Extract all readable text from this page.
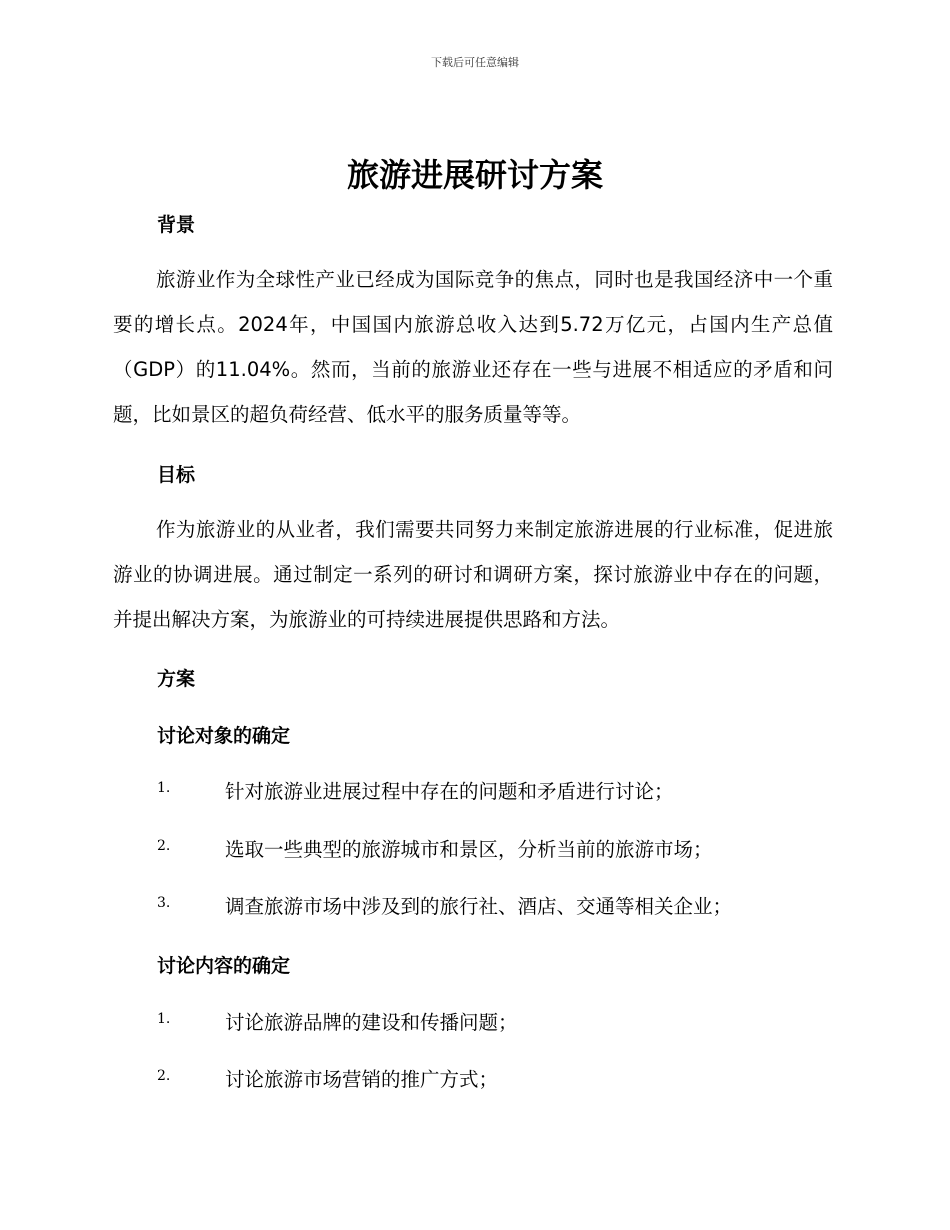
下载后可任意编辑
旅游进展研讨方案
背景

旅游业作为全球性产业已经成为国际竞争的焦点，同时也是我国经济中一个重要的增长点。2024年，中国国内旅游总收入达到5.72万亿元，占国内生产总值（GDP）的11.04%。然而，当前的旅游业还存在一些与进展不相适应的矛盾和问题，比如景区的超负荷经营、低水平的服务质量等等。

目标

作为旅游业的从业者，我们需要共同努力来制定旅游进展的行业标准，促进旅游业的协调进展。通过制定一系列的研讨和调研方案，探讨旅游业中存在的问题，并提出解决方案，为旅游业的可持续进展提供思路和方法。

方案
讨论对象的确定
1.	针对旅游业进展过程中存在的问题和矛盾进行讨论；
2.	选取一些典型的旅游城市和景区，分析当前的旅游市场；
3.	调查旅游市场中涉及到的旅行社、酒店、交通等相关企业；
讨论内容的确定
1.	讨论旅游品牌的建设和传播问题；
2.	讨论旅游市场营销的推广方式；
